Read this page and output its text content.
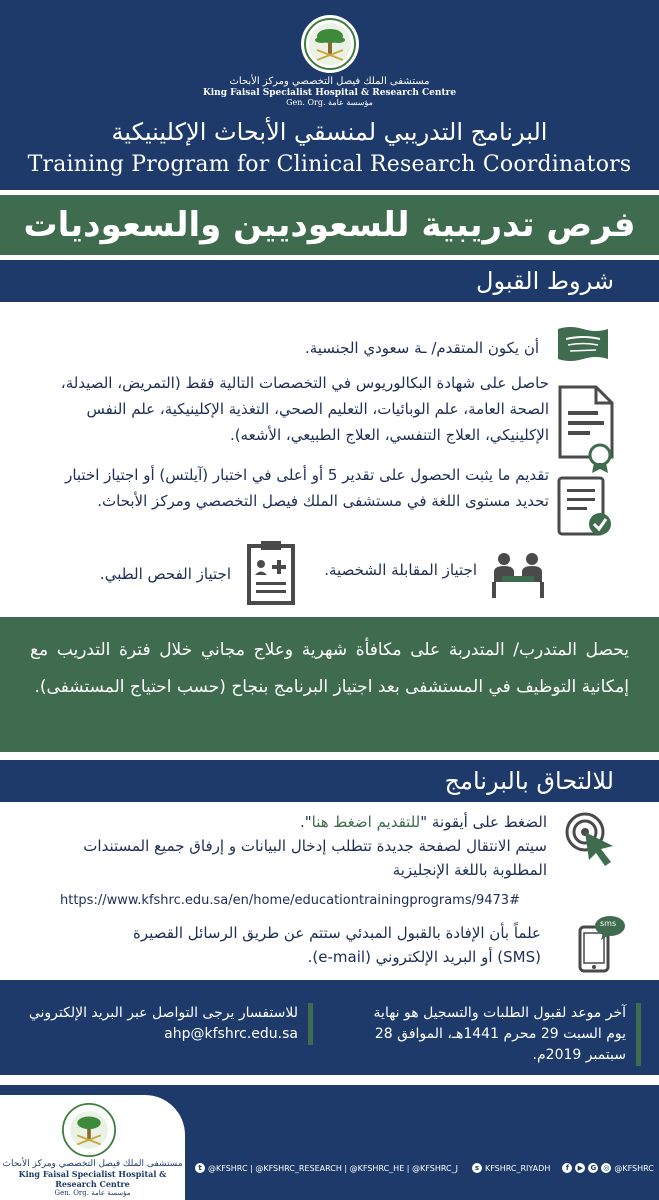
مستشفى الملك فيصل التخصصي ومركز الأبحاث
King Faisal Specialist Hospital & Research Centre
Gen. Org. مؤسسة عامة
البرنامج التدريبي لمنسقي الأبحاث الإكلينيكية
Training Program for Clinical Research Coordinators
فرص تدريبية للسعوديين والسعوديات
شروط القبول
أن يكون المتقدم/ ـة سعودي الجنسية.
حاصل على شهادة البكالوريوس في التخصصات التالية فقط (التمريض، الصيدلة، الصحة العامة، علم الوبائيات، التعليم الصحي، التغذية الإكلينيكية، علم النفس الإكلينيكي، العلاج التنفسي، العلاج الطبيعي، الأشعه).
تقديم ما يثبت الحصول على تقدير 5 أو أعلى في اختبار (آيلتس) أو اجتياز اختبار تحديد مستوى اللغة في مستشفى الملك فيصل التخصصي ومركز الأبحاث.
اجتياز المقابلة الشخصية.
اجتياز الفحص الطبي.
يحصل المتدرب/ المتدربة على مكافأة شهرية وعلاج مجاني خلال فترة التدريب مع إمكانية التوظيف في المستشفى بعد اجتياز البرنامج بنجاح (حسب احتياج المستشفى).
للالتحاق بالبرنامج
الضغط على أيقونة "للتقديم اضغط هنا".
سيتم الانتقال لصفحة جديدة تتطلب إدخال البيانات و إرفاق جميع المستندات المطلوبة باللغة الإنجليزية
https://www.kfshrc.edu.sa/en/home/educationtrainingprograms/9473#
sms
علماً بأن الإفادة بالقبول المبدئي ستتم عن طريق الرسائل القصيرة (SMS) أو البريد الإلكتروني (e-mail).
آخر موعد لقبول الطلبات والتسجيل هو نهاية يوم السبت 29 محرم 1441هـ، الموافق 28 سبتمبر 2019م.
للاستفسار يرجى التواصل عبر البريد الإلكتروني
ahp@kfshrc.edu.sa
مستشفى الملك فيصل التخصصي ومركز الأبحاث
King Faisal Specialist Hospital & Research Centre
Gen. Org. مؤسسة عامة
t @KFSHRC | @KFSHRC_RESEARCH | @KFSHRC_HE | @KFSHRC_J	s KFSHRC_RIYADH	f	▶	G	◎ @KFSHRC
